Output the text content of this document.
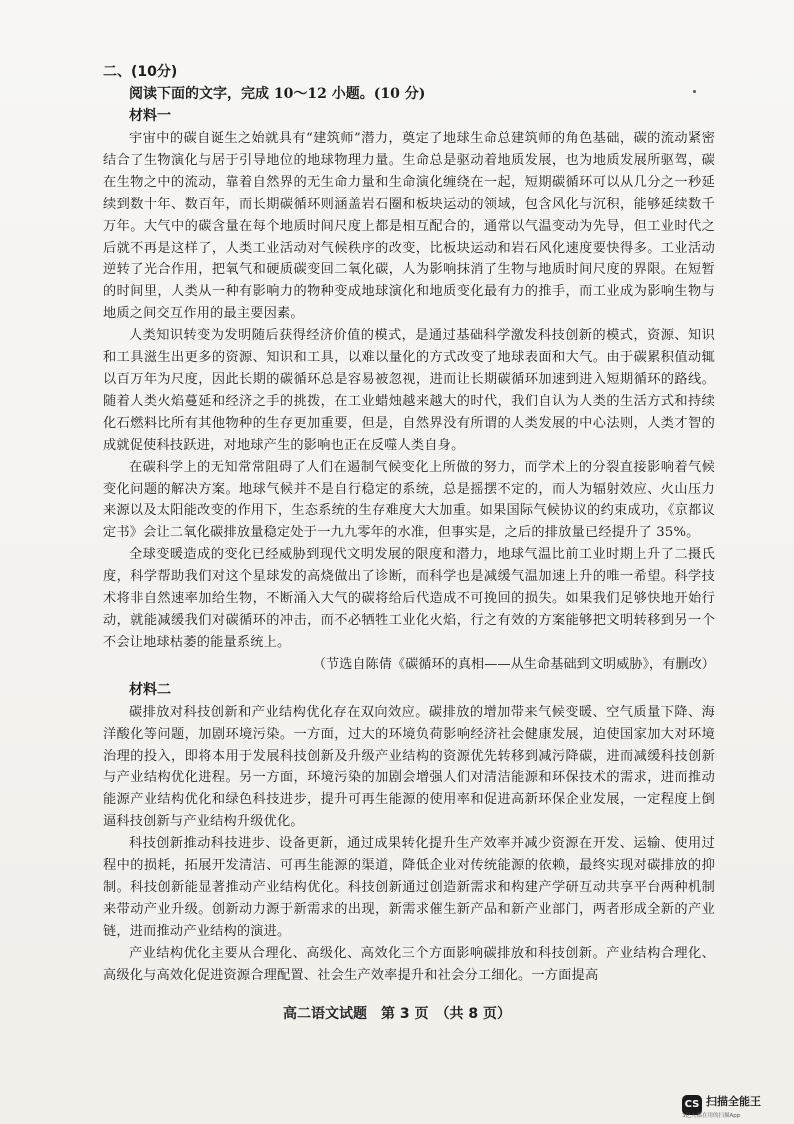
二、(10分)
阅读下面的文字，完成 10～12 小题。(10 分)
材料一

宇宙中的碳自诞生之始就具有“建筑师”潜力，奠定了地球生命总建筑师的角色基础，碳的流动紧密结合了生物演化与居于引导地位的地球物理力量。生命总是驱动着地质发展，也为地质发展所驱驾，碳在生物之中的流动，靠着自然界的无生命力量和生命演化缠绕在一起，短期碳循环可以从几分之一秒延续到数十年、数百年，而长期碳循环则涵盖岩石圈和板块运动的领域，包含风化与沉积，能够延续数千万年。大气中的碳含量在每个地质时间尺度上都是相互配合的，通常以气温变动为先导，但工业时代之后就不再是这样了，人类工业活动对气候秩序的改变，比板块运动和岩石风化速度要快得多。工业活动逆转了光合作用，把氧气和硬质碳变回二氧化碳，人为影响抹消了生物与地质时间尺度的界限。在短暂的时间里，人类从一种有影响力的物种变成地球演化和地质变化最有力的推手，而工业成为影响生物与地质之间交互作用的最主要因素。

人类知识转变为发明随后获得经济价值的模式，是通过基础科学激发科技创新的模式，资源、知识和工具滋生出更多的资源、知识和工具，以难以量化的方式改变了地球表面和大气。由于碳累积值动辄以百万年为尺度，因此长期的碳循环总是容易被忽视，进而让长期碳循环加速到进入短期循环的路线。随着人类火焰蔓延和经济之手的挑拨，在工业蜡烛越来越大的时代，我们自认为人类的生活方式和持续化石燃料比所有其他物种的生存更加重要，但是，自然界没有所谓的人类发展的中心法则，人类才智的成就促使科技跃进，对地球产生的影响也正在反噬人类自身。

在碳科学上的无知常常阻碍了人们在遏制气候变化上所做的努力，而学术上的分裂直接影响着气候变化问题的解决方案。地球气候并不是自行稳定的系统，总是摇摆不定的，而人为辐射效应、火山压力来源以及太阳能改变的作用下，生态系统的生存难度大大加重。如果国际气候协议的约束成功，《京都议定书》会让二氧化碳排放量稳定处于一九九零年的水准，但事实是，之后的排放量已经提升了 35%。

全球变暖造成的变化已经威胁到现代文明发展的限度和潜力，地球气温比前工业时期上升了二摄氏度，科学帮助我们对这个星球发的高烧做出了诊断，而科学也是减缓气温加速上升的唯一希望。科学技术将非自然速率加给生物，不断涌入大气的碳将给后代造成不可挽回的损失。如果我们足够快地开始行动，就能减缓我们对碳循环的冲击，而不必牺牲工业化火焰，行之有效的方案能够把文明转移到另一个不会让地球枯萎的能量系统上。

（节选自陈倩《碳循环的真相——从生命基础到文明威胁》，有删改）
材料二

碳排放对科技创新和产业结构优化存在双向效应。碳排放的增加带来气候变暖、空气质量下降、海洋酸化等问题，加剧环境污染。一方面，过大的环境负荷影响经济社会健康发展，迫使国家加大对环境治理的投入，即将本用于发展科技创新及升级产业结构的资源优先转移到减污降碳，进而减缓科技创新与产业结构优化进程。另一方面，环境污染的加剧会增强人们对清洁能源和环保技术的需求，进而推动能源产业结构优化和绿色科技进步，提升可再生能源的使用率和促进高新环保企业发展，一定程度上倒逼科技创新与产业结构升级优化。

科技创新推动科技进步、设备更新，通过成果转化提升生产效率并减少资源在开发、运输、使用过程中的损耗，拓展开发清洁、可再生能源的渠道，降低企业对传统能源的依赖，最终实现对碳排放的抑制。科技创新能显著推动产业结构优化。科技创新通过创造新需求和构建产学研互动共享平台两种机制来带动产业升级。创新动力源于新需求的出现，新需求催生新产品和新产业部门，两者形成全新的产业链，进而推动产业结构的演进。

产业结构优化主要从合理化、高级化、高效化三个方面影响碳排放和科技创新。产业结构合理化、高级化与高效化促进资源合理配置、社会生产效率提升和社会分工细化。一方面提高

高二语文试题　第 3 页　（共 8 页）
CS 扫描全能王
3亿人都在用的扫描App
